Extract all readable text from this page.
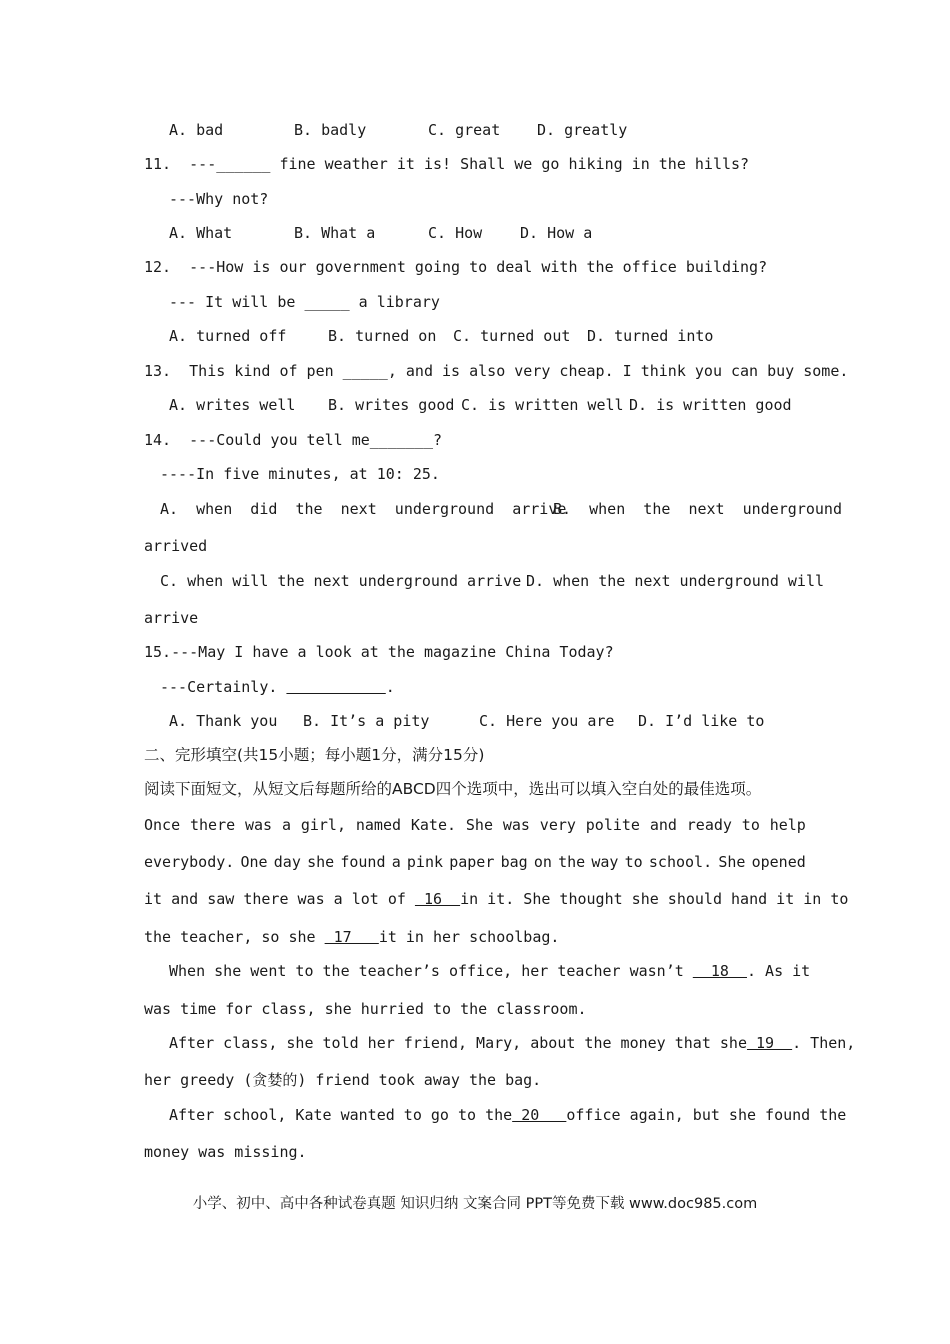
A. bad	B. badly	C. great D. greatly
11.  ---______ fine weather it is! Shall we go hiking in the hills?
---Why not?
A. What	B. What a	C. How	D. How a
12.  ---How is our government going to deal with the office building?
--- It will be _____ a library
A. turned off	B. turned on C. turned out D. turned into
13.  This kind of pen _____, and is also very cheap. I think you can buy some.
A. writes well B. writes good C. is written well D. is written good
14.  ---Could you tell me_______?
----In five minutes, at 10: 25.
A.  when  did  the  next  underground  arrive
B.  when  the  next  underground
arrived
C. when will the next underground arrive D. when the next underground will
arrive
15.---May I have a look at the magazine China Today?
---Certainly.	.
A. Thank you B. It’s a pity	C. Here you are D. I’d like to
二、完形填空(共15小题；每小题1分，满分15分)
阅读下面短文，从短文后每题所给的ABCD四个选项中，选出可以填入空白处的最佳选项。
Once there was a girl, named Kate. She was very polite and ready to help
everybody. One day she found a pink paper bag on the way to school. She opened
it and saw there was a lot of  16  in it. She thought she should hand it in to
the teacher, so she  17   it in her schoolbag.
When she went to the teacher’s office, her teacher wasn’t   18  . As it
was time for class, she hurried to the classroom.
After class, she told her friend, Mary, about the money that she 19  . Then,
her greedy (贪婪的) friend took away the bag.
After school, Kate wanted to go to the 20   office again, but she found the
money was missing.
小学、初中、高中各种试卷真题 知识归纳 文案合同 PPT等免费下载 www.doc985.com
